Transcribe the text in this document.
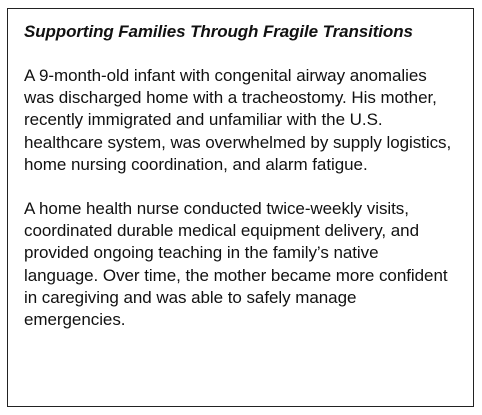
Supporting Families Through Fragile Transitions

A 9-month-old infant with congenital airway anomalies was discharged home with a tracheostomy. His mother, recently immigrated and unfamiliar with the U.S. healthcare system, was overwhelmed by supply logistics, home nursing coordination, and alarm fatigue.

A home health nurse conducted twice-weekly visits, coordinated durable medical equipment delivery, and provided ongoing teaching in the family’s native language. Over time, the mother became more confident in caregiving and was able to safely manage emergencies.
